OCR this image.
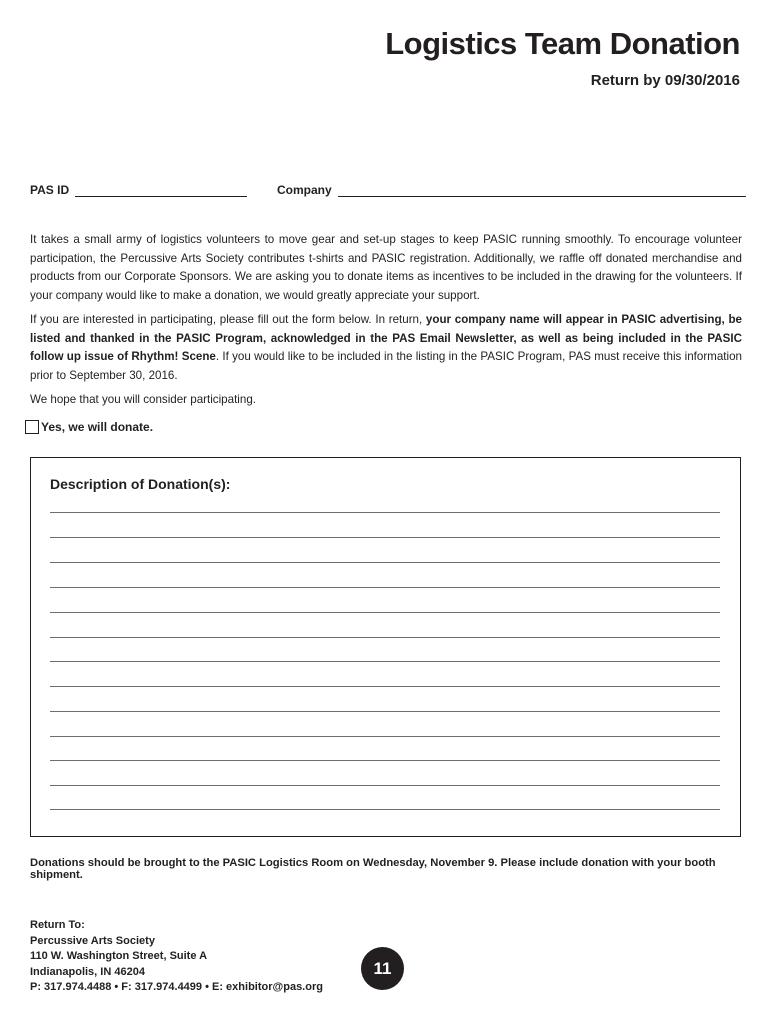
Logistics Team Donation
Return by 09/30/2016
PAS ID	Company

It takes a small army of logistics volunteers to move gear and set-up stages to keep PASIC running smoothly. To encourage volunteer participation, the Percussive Arts Society contributes t-shirts and PASIC registration. Additionally, we raffle off donated merchandise and products from our Corporate Sponsors. We are asking you to donate items as incentives to be included in the drawing for the volunteers. If your company would like to make a donation, we would greatly appreciate your support.

If you are interested in participating, please fill out the form below. In return, your company name will appear in PASIC advertising, be listed and thanked in the PASIC Program, acknowledged in the PAS Email Newsletter, as well as being included in the PASIC follow up issue of Rhythm! Scene. If you would like to be included in the listing in the PASIC Program, PAS must receive this information prior to September 30, 2016.

We hope that you will consider participating.

Yes, we will donate.
Description of Donation(s):
Donations should be brought to the PASIC Logistics Room on Wednesday, November 9. Please include donation with your booth shipment.
Return To:
Percussive Arts Society
110 W. Washington Street, Suite A
Indianapolis, IN 46204
P: 317.974.4488 • F: 317.974.4499 • E: exhibitor@pas.org
11
